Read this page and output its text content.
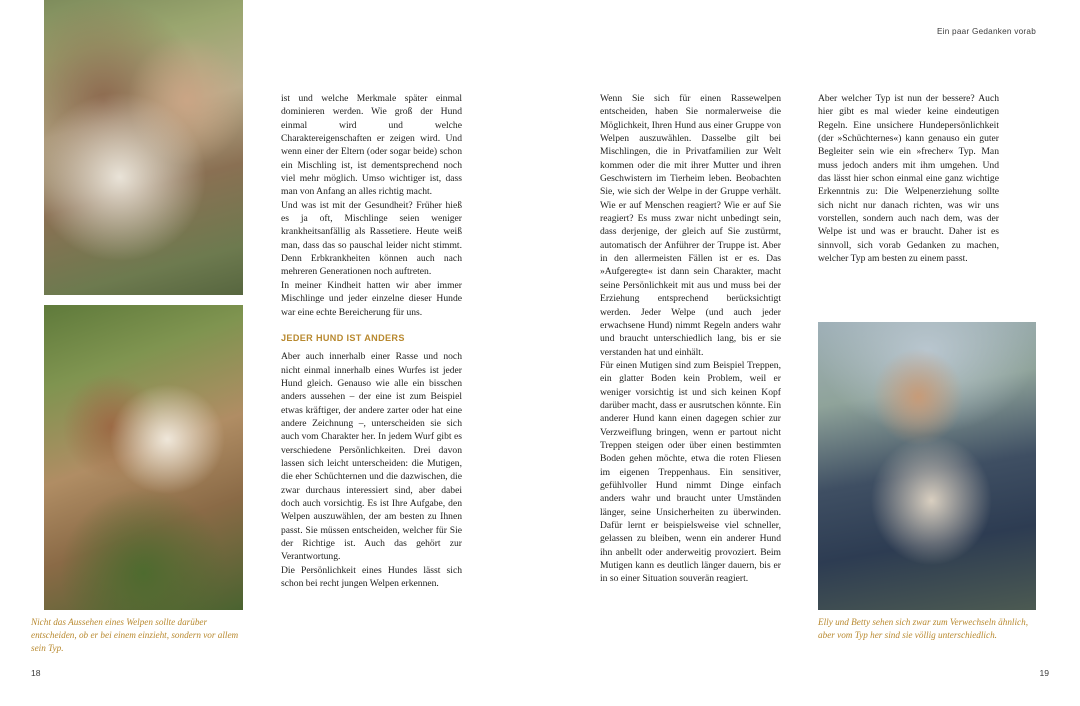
Ein paar Gedanken vorab
Nicht das Aussehen eines Welpen sollte darüber entscheiden, ob er bei einem einzieht, sondern vor allem sein Typ.
Elly und Betty sehen sich zwar zum Verwechseln ähnlich, aber vom Typ her sind sie völlig unterschiedlich.

ist und welche Merkmale später einmal dominieren werden. Wie groß der Hund einmal wird und welche Charaktereigenschaften er zeigen wird. Und wenn einer der Eltern (oder sogar beide) schon ein Mischling ist, ist dementsprechend noch viel mehr möglich. Umso wichtiger ist, dass man von Anfang an alles richtig macht.

Und was ist mit der Gesundheit? Früher hieß es ja oft, Mischlinge seien weniger krankheitsanfällig als Rassetiere. Heute weiß man, dass das so pauschal leider nicht stimmt. Denn Erbkrankheiten können auch nach mehreren Generationen noch auftreten.

In meiner Kindheit hatten wir aber immer Mischlinge und jeder einzelne dieser Hunde war eine echte Bereicherung für uns.

JEDER HUND IST ANDERS

Aber auch innerhalb einer Rasse und noch nicht einmal innerhalb eines Wurfes ist jeder Hund gleich. Genauso wie alle ein bisschen anders aussehen – der eine ist zum Beispiel etwas kräftiger, der andere zarter oder hat eine andere Zeichnung –, unterscheiden sie sich auch vom Charakter her. In jedem Wurf gibt es verschiedene Persönlichkeiten. Drei davon lassen sich leicht unterscheiden: die Mutigen, die eher Schüchternen und die dazwischen, die zwar durchaus interessiert sind, aber dabei doch auch vorsichtig. Es ist Ihre Aufgabe, den Welpen auszuwählen, der am besten zu Ihnen passt. Sie müssen entscheiden, welcher für Sie der Richtige ist. Auch das gehört zur Verantwortung.

Die Persönlichkeit eines Hundes lässt sich schon bei recht jungen Welpen erkennen.

Wenn Sie sich für einen Rassewelpen entscheiden, haben Sie normalerweise die Möglichkeit, Ihren Hund aus einer Gruppe von Welpen auszuwählen. Dasselbe gilt bei Mischlingen, die in Privatfamilien zur Welt kommen oder die mit ihrer Mutter und ihren Geschwistern im Tierheim leben. Beobachten Sie, wie sich der Welpe in der Gruppe verhält. Wie er auf Menschen reagiert? Wie er auf Sie reagiert? Es muss zwar nicht unbedingt sein, dass derjenige, der gleich auf Sie zustürmt, automatisch der Anführer der Truppe ist. Aber in den allermeisten Fällen ist er es. Das »Aufgeregte« ist dann sein Charakter, macht seine Persönlichkeit mit aus und muss bei der Erziehung entsprechend berücksichtigt werden. Jeder Welpe (und auch jeder erwachsene Hund) nimmt Regeln anders wahr und braucht unterschiedlich lang, bis er sie verstanden hat und einhält.

Für einen Mutigen sind zum Beispiel Treppen, ein glatter Boden kein Problem, weil er weniger vorsichtig ist und sich keinen Kopf darüber macht, dass er ausrutschen könnte. Ein anderer Hund kann einen dagegen schier zur Verzweiflung bringen, wenn er partout nicht Treppen steigen oder über einen bestimmten Boden gehen möchte, etwa die roten Fliesen im eigenen Treppenhaus. Ein sensitiver, gefühlvoller Hund nimmt Dinge einfach anders wahr und braucht unter Umständen länger, seine Unsicherheiten zu überwinden. Dafür lernt er beispielsweise viel schneller, gelassen zu bleiben, wenn ein anderer Hund ihn anbellt oder anderweitig provoziert. Beim Mutigen kann es deutlich länger dauern, bis er in so einer Situation souverän reagiert.

Aber welcher Typ ist nun der bessere? Auch hier gibt es mal wieder keine eindeutigen Regeln. Eine unsichere Hundepersönlichkeit (der »Schüchternes«) kann genauso ein guter Begleiter sein wie ein »frecher« Typ. Man muss jedoch anders mit ihm umgehen. Und das lässt hier schon einmal eine ganz wichtige Erkenntnis zu: Die Welpenerziehung sollte sich nicht nur danach richten, was wir uns vorstellen, sondern auch nach dem, was der Welpe ist und was er braucht. Daher ist es sinnvoll, sich vorab Gedanken zu machen, welcher Typ am besten zu einem passt.

18	19
